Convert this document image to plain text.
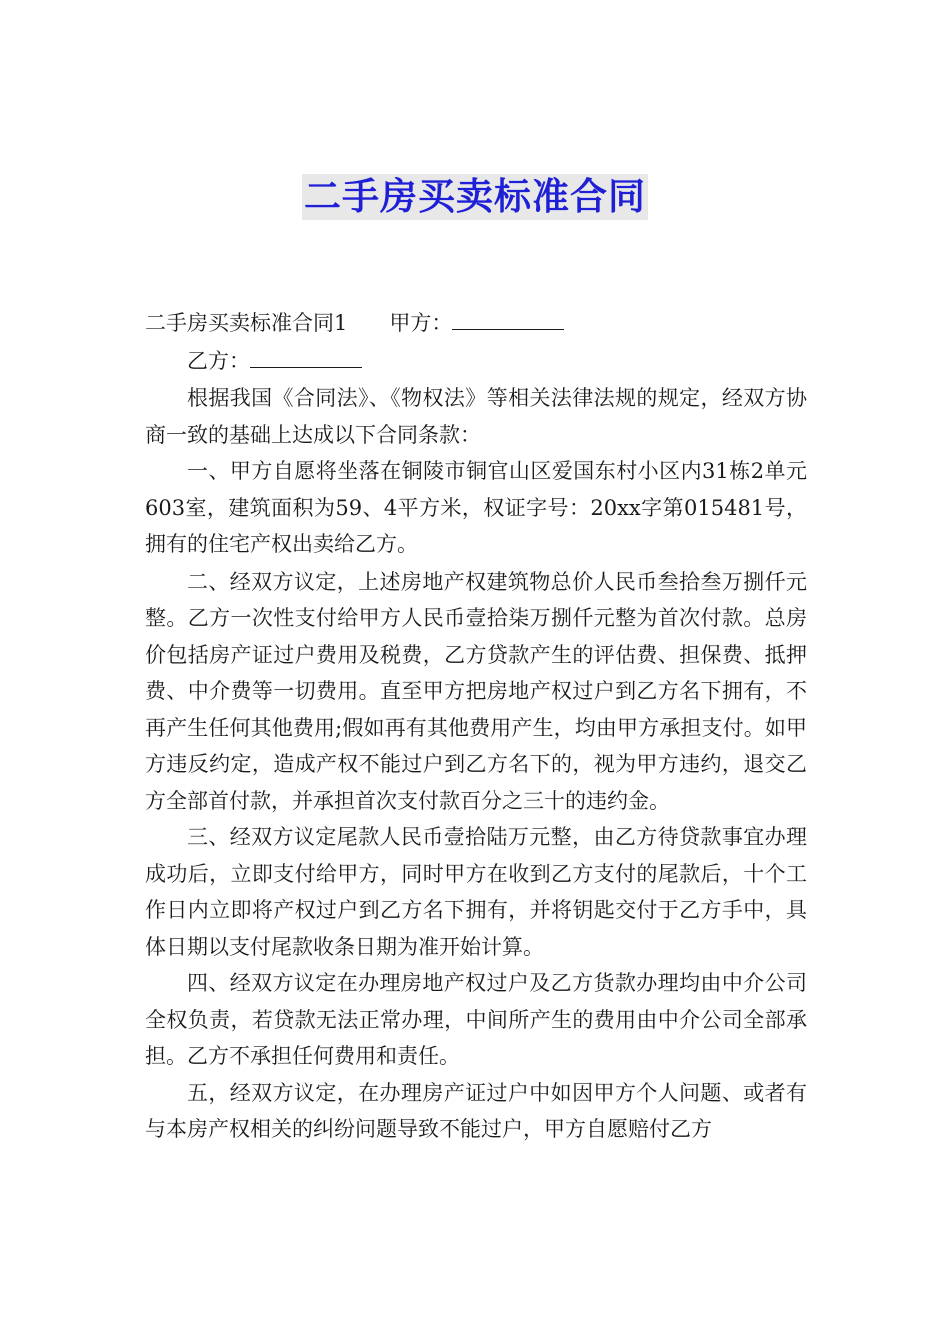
二手房买卖标准合同

二手房买卖标准合同1 甲方：

乙方：

根据我国《合同法》、《物权法》等相关法律法规的规定，经双方协商一致的基础上达成以下合同条款：

一、甲方自愿将坐落在铜陵市铜官山区爱国东村小区内31栋2单元603室，建筑面积为59、4平方米，权证字号：20xx字第015481号，拥有的住宅产权出卖给乙方。

二、经双方议定，上述房地产权建筑物总价人民币叁拾叁万捌仟元整。乙方一次性支付给甲方人民币壹拾柒万捌仟元整为首次付款。总房价包括房产证过户费用及税费，乙方贷款产生的评估费、担保费、抵押费、中介费等一切费用。直至甲方把房地产权过户到乙方名下拥有，不再产生任何其他费用;假如再有其他费用产生，均由甲方承担支付。如甲方违反约定，造成产权不能过户到乙方名下的，视为甲方违约，退交乙方全部首付款，并承担首次支付款百分之三十的违约金。

三、经双方议定尾款人民币壹拾陆万元整，由乙方待贷款事宜办理成功后，立即支付给甲方，同时甲方在收到乙方支付的尾款后，十个工作日内立即将产权过户到乙方名下拥有，并将钥匙交付于乙方手中，具体日期以支付尾款收条日期为准开始计算。

四、经双方议定在办理房地产权过户及乙方货款办理均由中介公司全权负责，若贷款无法正常办理，中间所产生的费用由中介公司全部承担。乙方不承担任何费用和责任。

五，经双方议定，在办理房产证过户中如因甲方个人问题、或者有与本房产权相关的纠纷问题导致不能过户，甲方自愿赔付乙方
